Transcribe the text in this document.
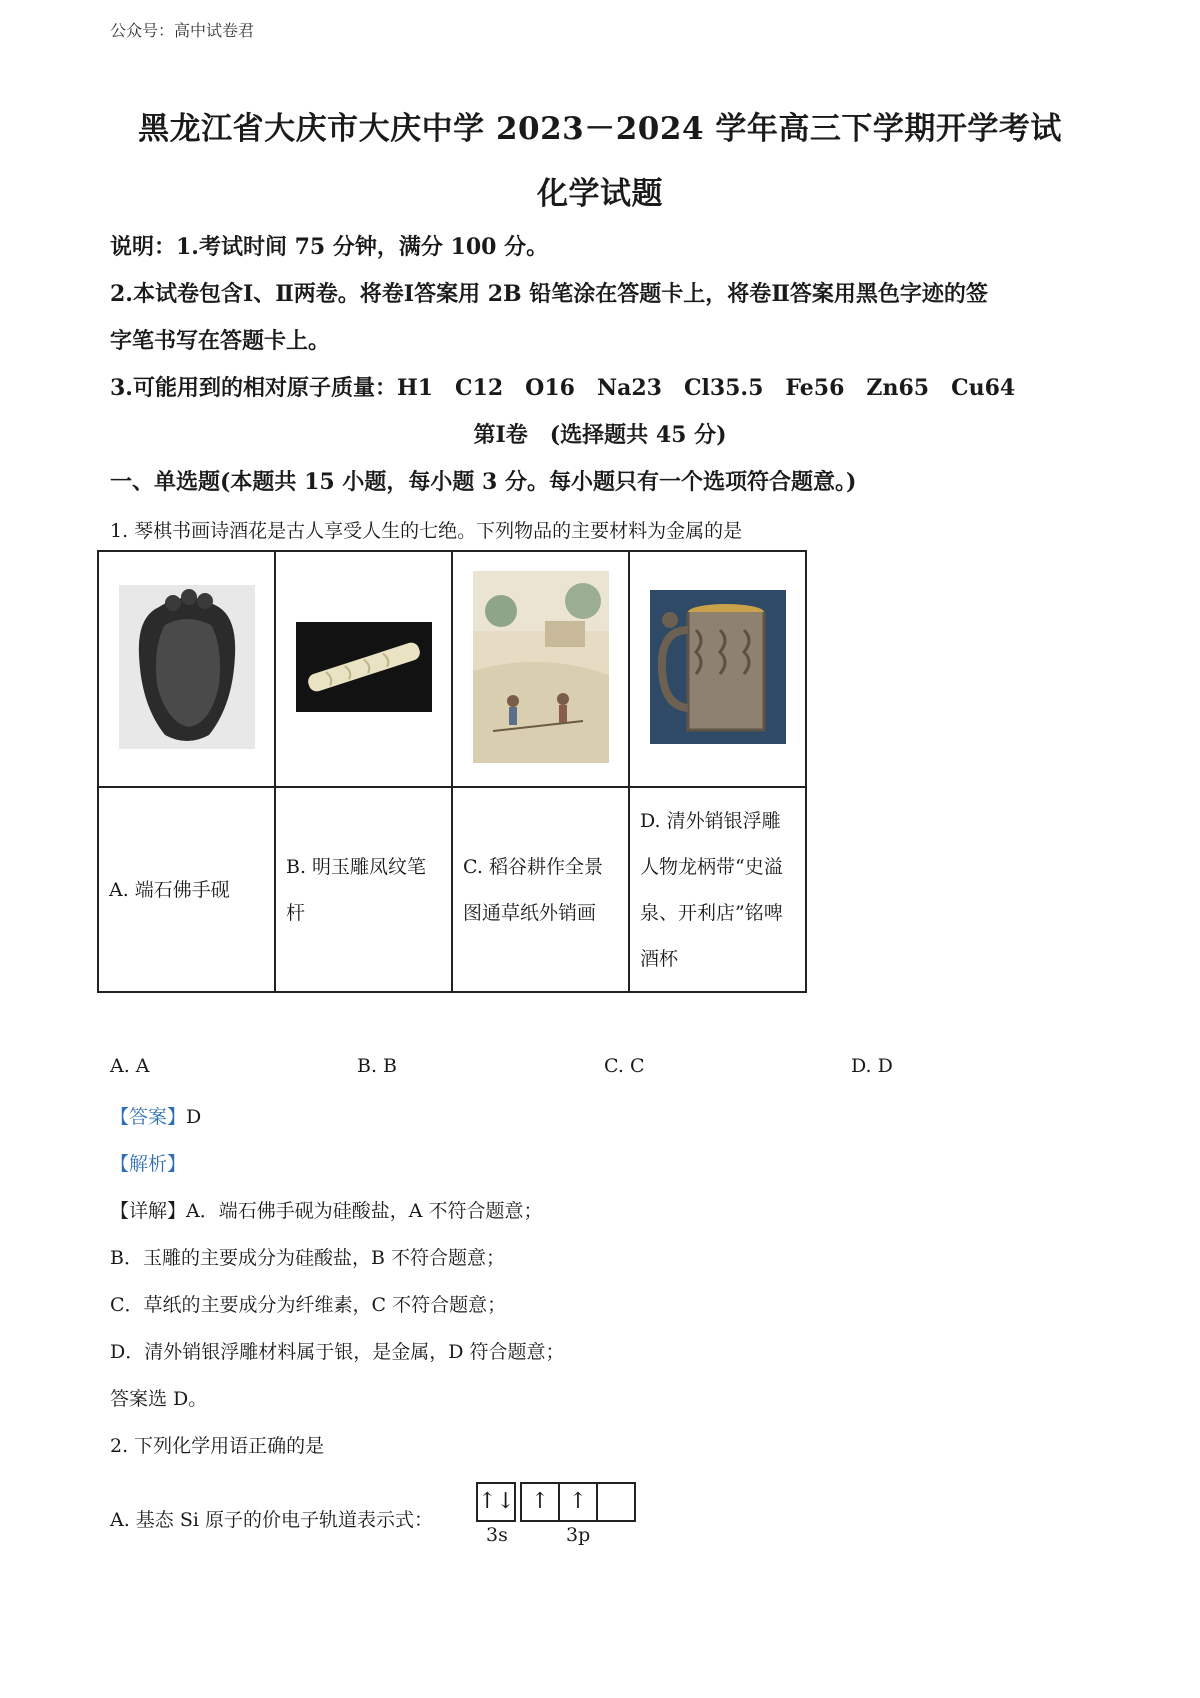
公众号：高中试卷君
黑龙江省大庆市大庆中学 2023－2024 学年高三下学期开学考试
化学试题
说明：1.考试时间 75 分钟，满分 100 分。
2.本试卷包含Ⅰ、Ⅱ两卷。将卷Ⅰ答案用 2B 铅笔涂在答题卡上，将卷Ⅱ答案用黑色字迹的签
字笔书写在答题卡上。
3.可能用到的相对原子质量：H1　C12　O16　Na23　Cl35.5　Fe56　Zn65　Cu64
第Ⅰ卷　(选择题共 45 分)
一、单选题(本题共 15 小题，每小题 3 分。每小题只有一个选项符合题意。)
1. 琴棋书画诗酒花是古人享受人生的七绝。下列物品的主要材料为金属的是

A. 端石佛手砚	B. 明玉雕凤纹笔杆	C. 稻谷耕作全景图通草纸外销画	D. 清外销银浮雕人物龙柄带“史溢泉、开利店”铭啤酒杯
A. A	B. B	C. C	D. D
【答案】D
【解析】
【详解】A．端石佛手砚为硅酸盐，A 不符合题意；
B．玉雕的主要成分为硅酸盐，B 不符合题意；
C．草纸的主要成分为纤维素，C 不符合题意；
D．清外销银浮雕材料属于银，是金属，D 符合题意；
答案选 D。
2. 下列化学用语正确的是
A. 基态 Si 原子的价电子轨道表示式：
↑↓ ↑ ↑
3s	3p
